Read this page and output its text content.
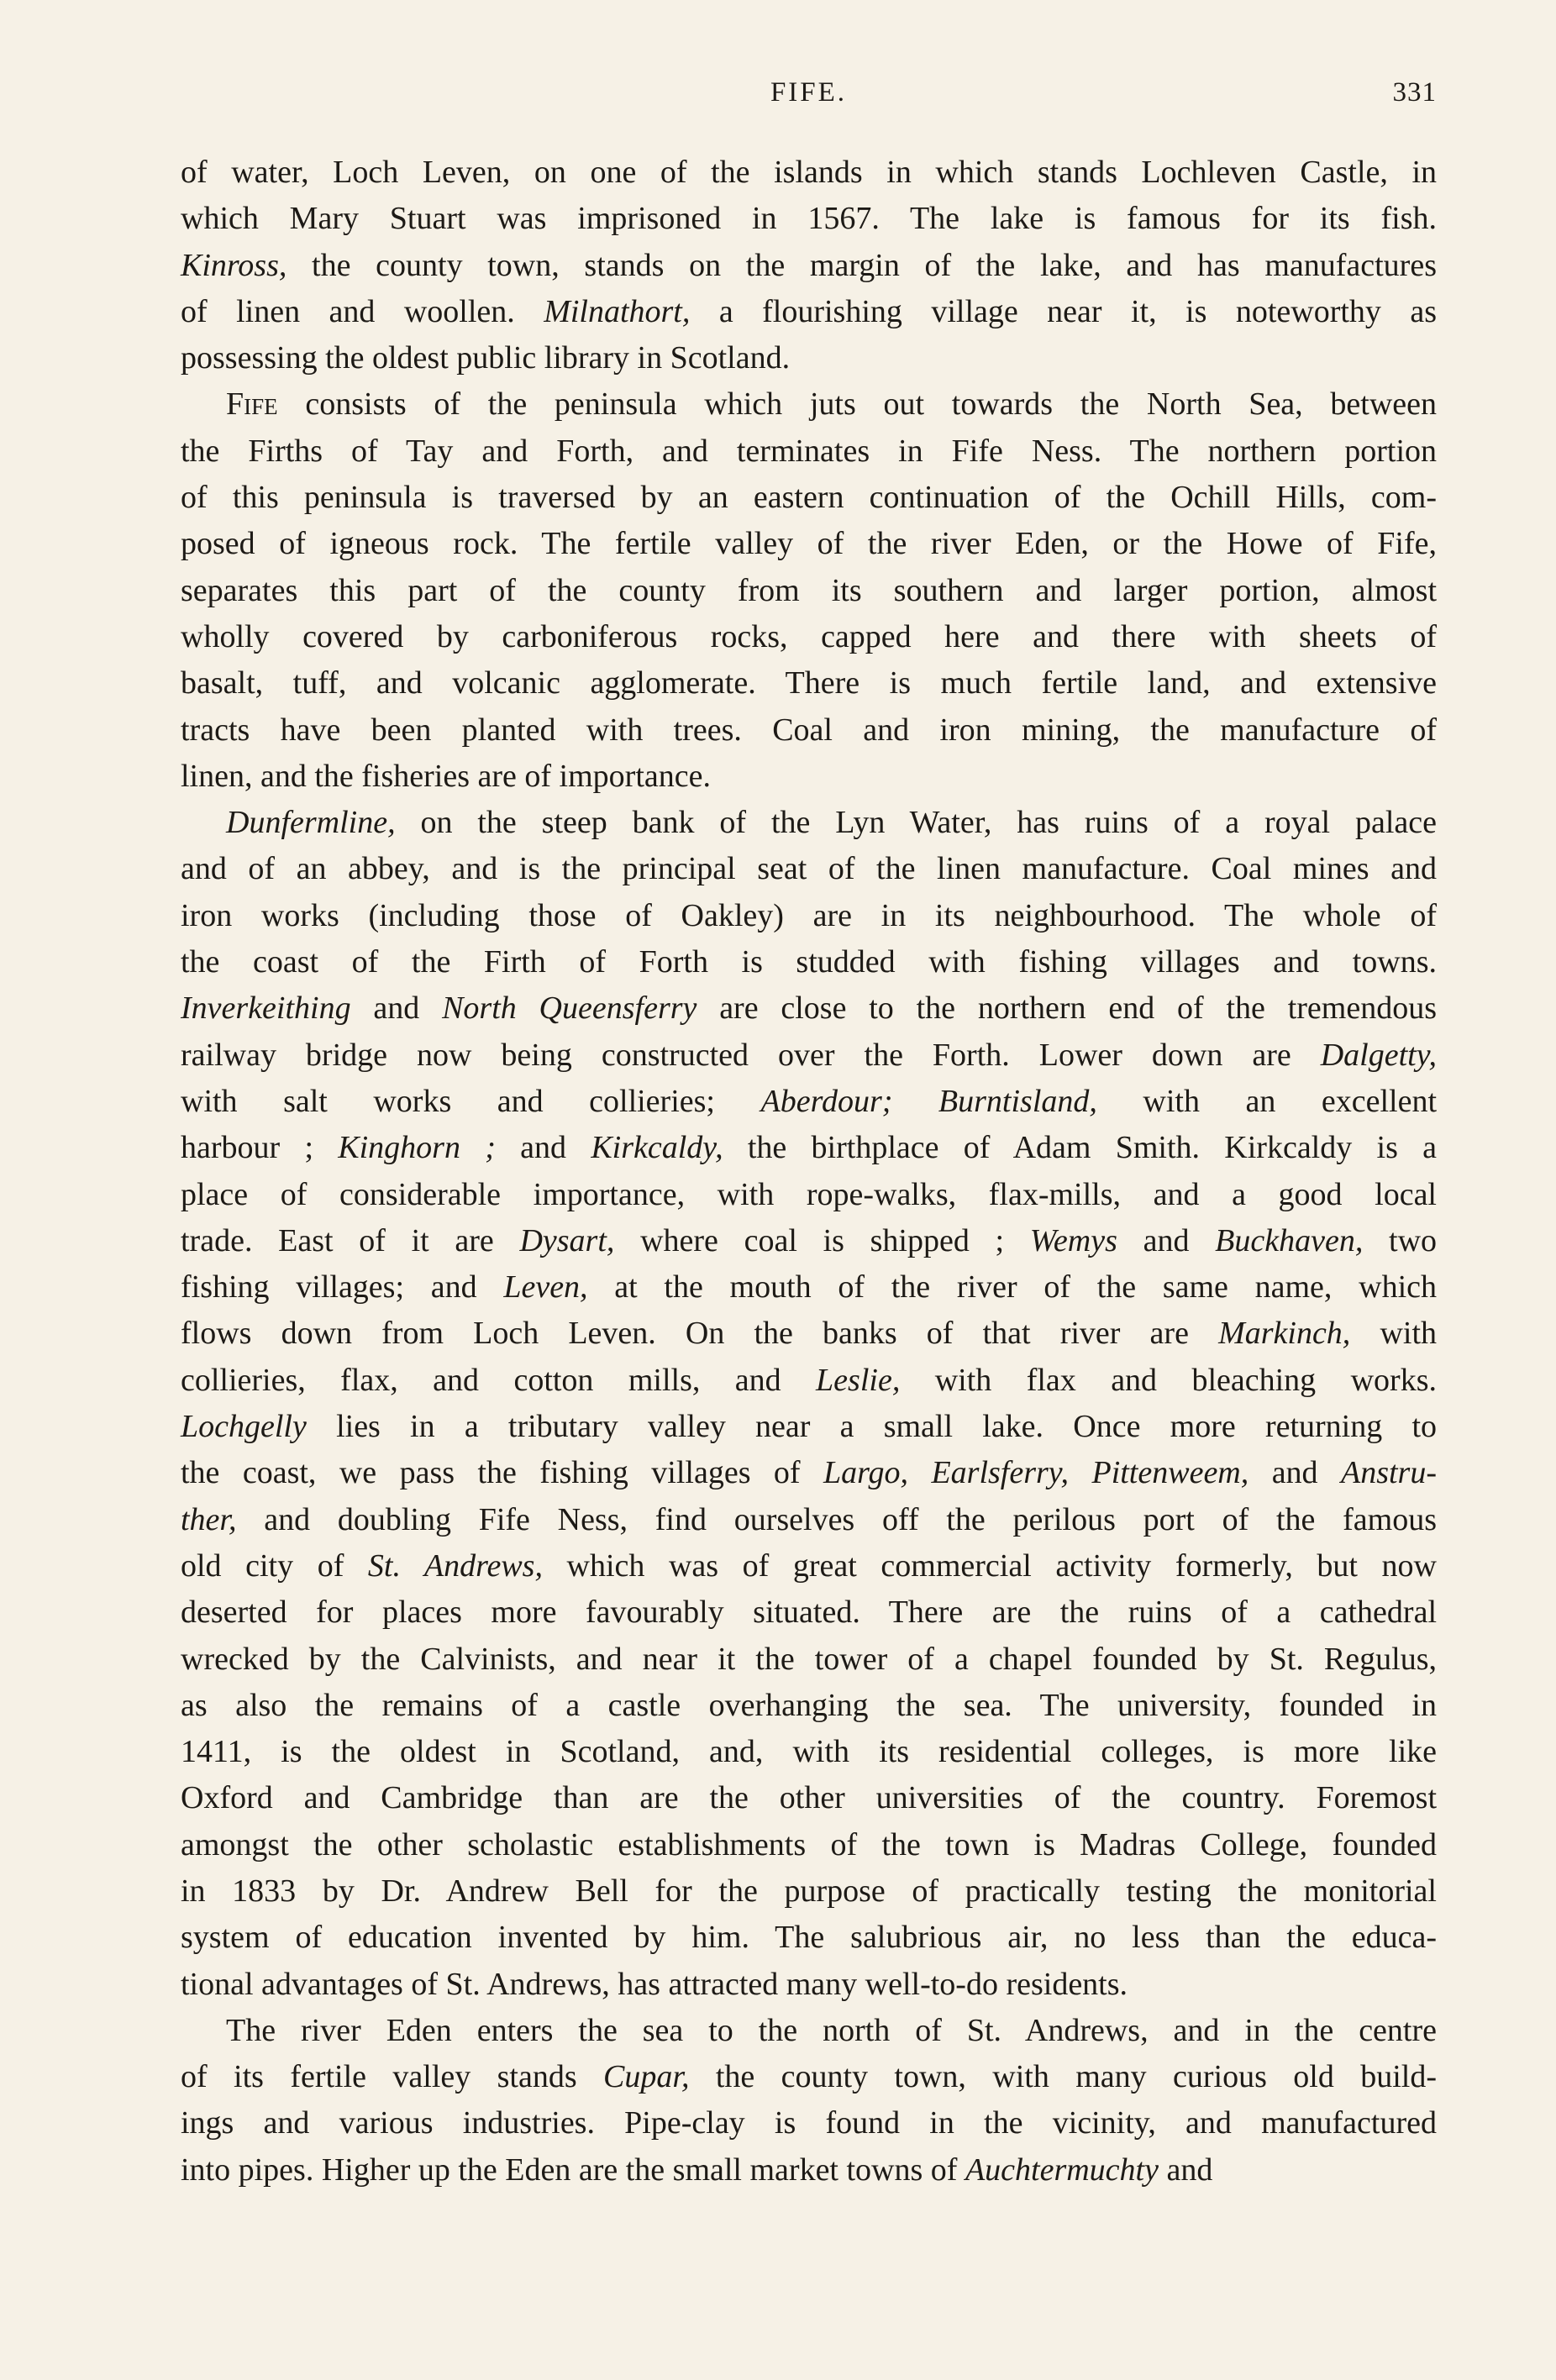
FIFE.	331
of water, Loch Leven, on one of the islands in which stands Lochleven Castle, in
which Mary Stuart was imprisoned in 1567. The lake is famous for its fish.
Kinross, the county town, stands on the margin of the lake, and has manufactures
of linen and woollen. Milnathort, a flourishing village near it, is noteworthy as
possessing the oldest public library in Scotland.
Fife consists of the peninsula which juts out towards the North Sea, between
the Firths of Tay and Forth, and terminates in Fife Ness. The northern portion
of this peninsula is traversed by an eastern continuation of the Ochill Hills, com-
posed of igneous rock. The fertile valley of the river Eden, or the Howe of Fife,
separates this part of the county from its southern and larger portion, almost
wholly covered by carboniferous rocks, capped here and there with sheets of
basalt, tuff, and volcanic agglomerate. There is much fertile land, and extensive
tracts have been planted with trees. Coal and iron mining, the manufacture of
linen, and the fisheries are of importance.
Dunfermline, on the steep bank of the Lyn Water, has ruins of a royal palace
and of an abbey, and is the principal seat of the linen manufacture. Coal mines and
iron works (including those of Oakley) are in its neighbourhood. The whole of
the coast of the Firth of Forth is studded with fishing villages and towns.
Inverkeithing and North Queensferry are close to the northern end of the tremendous
railway bridge now being constructed over the Forth. Lower down are Dalgetty,
with salt works and collieries; Aberdour; Burntisland, with an excellent
harbour ; Kinghorn ; and Kirkcaldy, the birthplace of Adam Smith. Kirkcaldy is a
place of considerable importance, with rope-walks, flax-mills, and a good local
trade. East of it are Dysart, where coal is shipped ; Wemys and Buckhaven, two
fishing villages; and Leven, at the mouth of the river of the same name, which
flows down from Loch Leven. On the banks of that river are Markinch, with
collieries, flax, and cotton mills, and Leslie, with flax and bleaching works.
Lochgelly lies in a tributary valley near a small lake. Once more returning to
the coast, we pass the fishing villages of Largo, Earlsferry, Pittenweem, and Anstru-
ther, and doubling Fife Ness, find ourselves off the perilous port of the famous
old city of St. Andrews, which was of great commercial activity formerly, but now
deserted for places more favourably situated. There are the ruins of a cathedral
wrecked by the Calvinists, and near it the tower of a chapel founded by St. Regulus,
as also the remains of a castle overhanging the sea. The university, founded in
1411, is the oldest in Scotland, and, with its residential colleges, is more like
Oxford and Cambridge than are the other universities of the country. Foremost
amongst the other scholastic establishments of the town is Madras College, founded
in 1833 by Dr. Andrew Bell for the purpose of practically testing the monitorial
system of education invented by him. The salubrious air, no less than the educa-
tional advantages of St. Andrews, has attracted many well-to-do residents.
The river Eden enters the sea to the north of St. Andrews, and in the centre
of its fertile valley stands Cupar, the county town, with many curious old build-
ings and various industries. Pipe-clay is found in the vicinity, and manufactured
into pipes. Higher up the Eden are the small market towns of Auchtermuchty and
